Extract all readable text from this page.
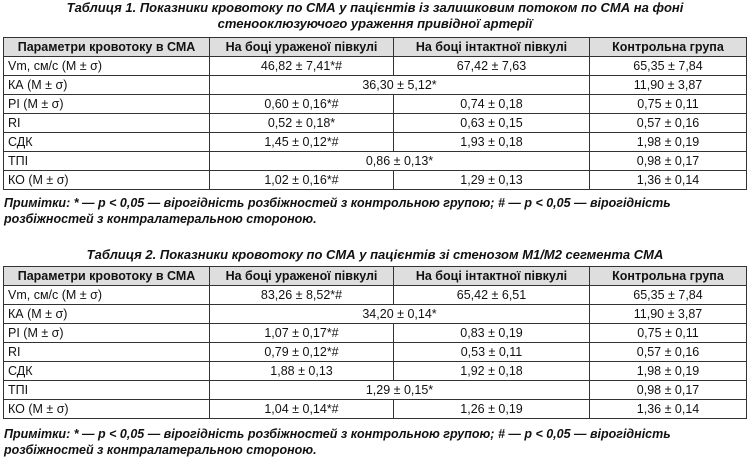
Таблиця 1. Показники кровотоку по СМА у пацієнтів із залишковим потоком по СМА на фоні
стенооклюзуючого ураження привідної артерії
Параметри кровотоку в СМА	На боці ураженої півкулі	На боці інтактної півкулі	Контрольна група
Vm, см/с (M ± σ)	46,82 ± 7,41*#	67,42 ± 7,63	65,35 ± 7,84
КА (M ± σ)	36,30 ± 5,12*		11,90 ± 3,87
PI (M ± σ)	0,60 ± 0,16*#	0,74 ± 0,18	0,75 ± 0,11
RI	0,52 ± 0,18*	0,63 ± 0,15	0,57 ± 0,16
СДК	1,45 ± 0,12*#	1,93 ± 0,18	1,98 ± 0,19
ТПІ	0,86 ± 0,13*		0,98 ± 0,17
КО (M ± σ)	1,02 ± 0,16*#	1,29 ± 0,13	1,36 ± 0,14
Примітки: * — р < 0,05 — вірогідність розбіжностей з контрольною групою; # — р < 0,05 — вірогідність розбіжностей з контралатеральною стороною.
Таблиця 2. Показники кровотоку по СМА у пацієнтів зі стенозом М1/М2 сегмента СМА
Параметри кровотоку в СМА	На боці ураженої півкулі	На боці інтактної півкулі	Контрольна група
Vm, см/с (M ± σ)	83,26 ± 8,52*#	65,42 ± 6,51	65,35 ± 7,84
КА (M ± σ)	34,20 ± 0,14*		11,90 ± 3,87
PI (M ± σ)	1,07 ± 0,17*#	0,83 ± 0,19	0,75 ± 0,11
RI	0,79 ± 0,12*#	0,53 ± 0,11	0,57 ± 0,16
СДК	1,88 ± 0,13	1,92 ± 0,18	1,98 ± 0,19
ТПІ	1,29 ± 0,15*		0,98 ± 0,17
КО (M ± σ)	1,04 ± 0,14*#	1,26 ± 0,19	1,36 ± 0,14
Примітки: * — р < 0,05 — вірогідність розбіжностей з контрольною групою; # — р < 0,05 — вірогідність розбіжностей з контралатеральною стороною.
